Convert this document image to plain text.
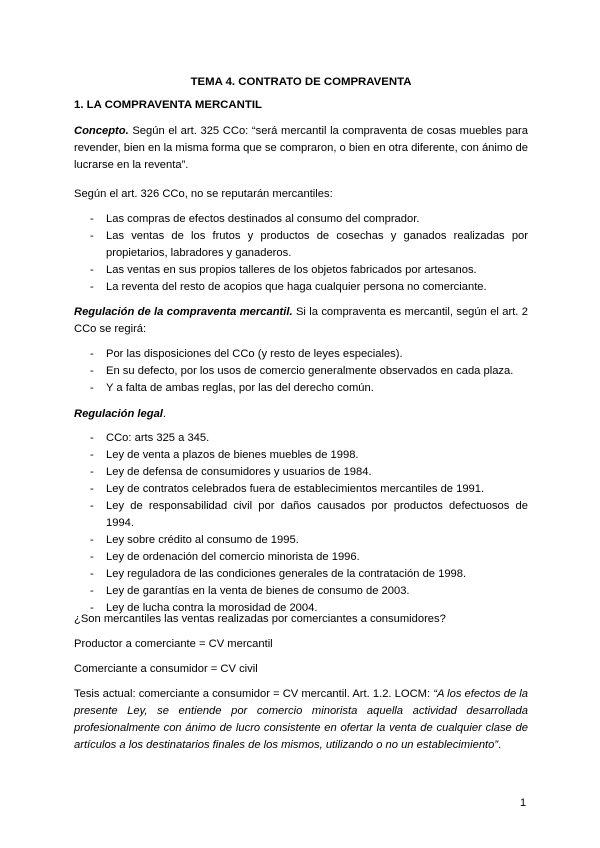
TEMA 4. CONTRATO DE COMPRAVENTA
1. LA COMPRAVENTA MERCANTIL
Concepto. Según el art. 325 CCo: “será mercantil la compraventa de cosas muebles para revender, bien en la misma forma que se compraron, o bien en otra diferente, con ánimo de lucrarse en la reventa”.
Según el art. 326 CCo, no se reputarán mercantiles:
- Las compras de efectos destinados al consumo del comprador.
- Las ventas de los frutos y productos de cosechas y ganados realizadas por propietarios, labradores y ganaderos.
- Las ventas en sus propios talleres de los objetos fabricados por artesanos.
- La reventa del resto de acopios que haga cualquier persona no comerciante.
Regulación de la compraventa mercantil. Si la compraventa es mercantil, según el art. 2 CCo se regirá:
- Por las disposiciones del CCo (y resto de leyes especiales).
- En su defecto, por los usos de comercio generalmente observados en cada plaza.
- Y a falta de ambas reglas, por las del derecho común.
Regulación legal.
- CCo: arts 325 a 345.
- Ley de venta a plazos de bienes muebles de 1998.
- Ley de defensa de consumidores y usuarios de 1984.
- Ley de contratos celebrados fuera de establecimientos mercantiles de 1991.
- Ley de responsabilidad civil por daños causados por productos defectuosos de 1994.
- Ley sobre crédito al consumo de 1995.
- Ley de ordenación del comercio minorista de 1996.
- Ley reguladora de las condiciones generales de la contratación de 1998.
- Ley de garantías en la venta de bienes de consumo de 2003.
- Ley de lucha contra la morosidad de 2004.
¿Son mercantiles las ventas realizadas por comerciantes a consumidores?
Productor a comerciante = CV mercantil
Comerciante a consumidor = CV civil
Tesis actual: comerciante a consumidor = CV mercantil. Art. 1.2. LOCM: “A los efectos de la presente Ley, se entiende por comercio minorista aquella actividad desarrollada profesionalmente con ánimo de lucro consistente en ofertar la venta de cualquier clase de artículos a los destinatarios finales de los mismos, utilizando o no un establecimiento”.
1
